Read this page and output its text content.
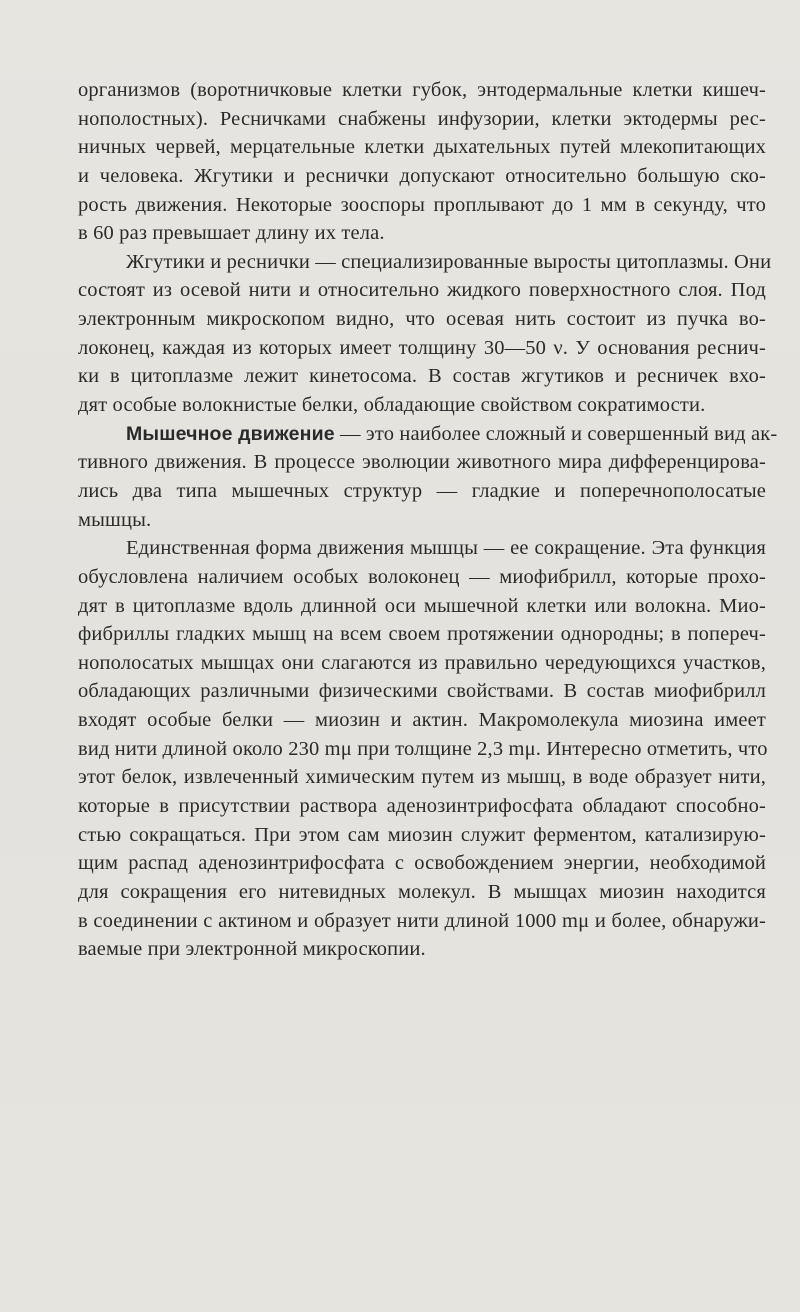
организмов (воротничковые клетки губок, энтодермальные клетки кишеч-
нополостных). Ресничками снабжены инфузории, клетки эктодермы рес-
ничных червей, мерцательные клетки дыхательных путей млекопитающих
и человека. Жгутики и реснички допускают относительно большую ско-
рость движения. Некоторые зооспоры проплывают до 1 мм в секунду, что
в 60 раз превышает длину их тела.
Жгутики и реснички — специализированные выросты цитоплазмы. Они
состоят из осевой нити и относительно жидкого поверхностного слоя. Под
электронным микроскопом видно, что осевая нить состоит из пучка во-
локонец, каждая из которых имеет толщину 30—50 ν. У основания реснич-
ки в цитоплазме лежит кинетосома. В состав жгутиков и ресничек вхо-
дят особые волокнистые белки, обладающие свойством сократимости.
Мышечное движение — это наиболее сложный и совершенный вид ак-
тивного движения. В процессе эволюции животного мира дифференцирова-
лись два типа мышечных структур — гладкие и поперечнополосатые
мышцы.
Единственная форма движения мышцы — ее сокращение. Эта функция
обусловлена наличием особых волоконец — миофибрилл, которые прохо-
дят в цитоплазме вдоль длинной оси мышечной клетки или волокна. Мио-
фибриллы гладких мышц на всем своем протяжении однородны; в попереч-
нополосатых мышцах они слагаются из правильно чередующихся участков,
обладающих различными физическими свойствами. В состав миофибрилл
входят особые белки — миозин и актин. Макромолекула миозина имеет
вид нити длиной около 230 mμ при толщине 2,3 mμ. Интересно отметить, что
этот белок, извлеченный химическим путем из мышц, в воде образует нити,
которые в присутствии раствора аденозинтрифосфата обладают способно-
стью сокращаться. При этом сам миозин служит ферментом, катализирую-
щим распад аденозинтрифосфата с освобождением энергии, необходимой
для сокращения его нитевидных молекул. В мышцах миозин находится
в соединении с актином и образует нити длиной 1000 mμ и более, обнаружи-
ваемые при электронной микроскопии.
